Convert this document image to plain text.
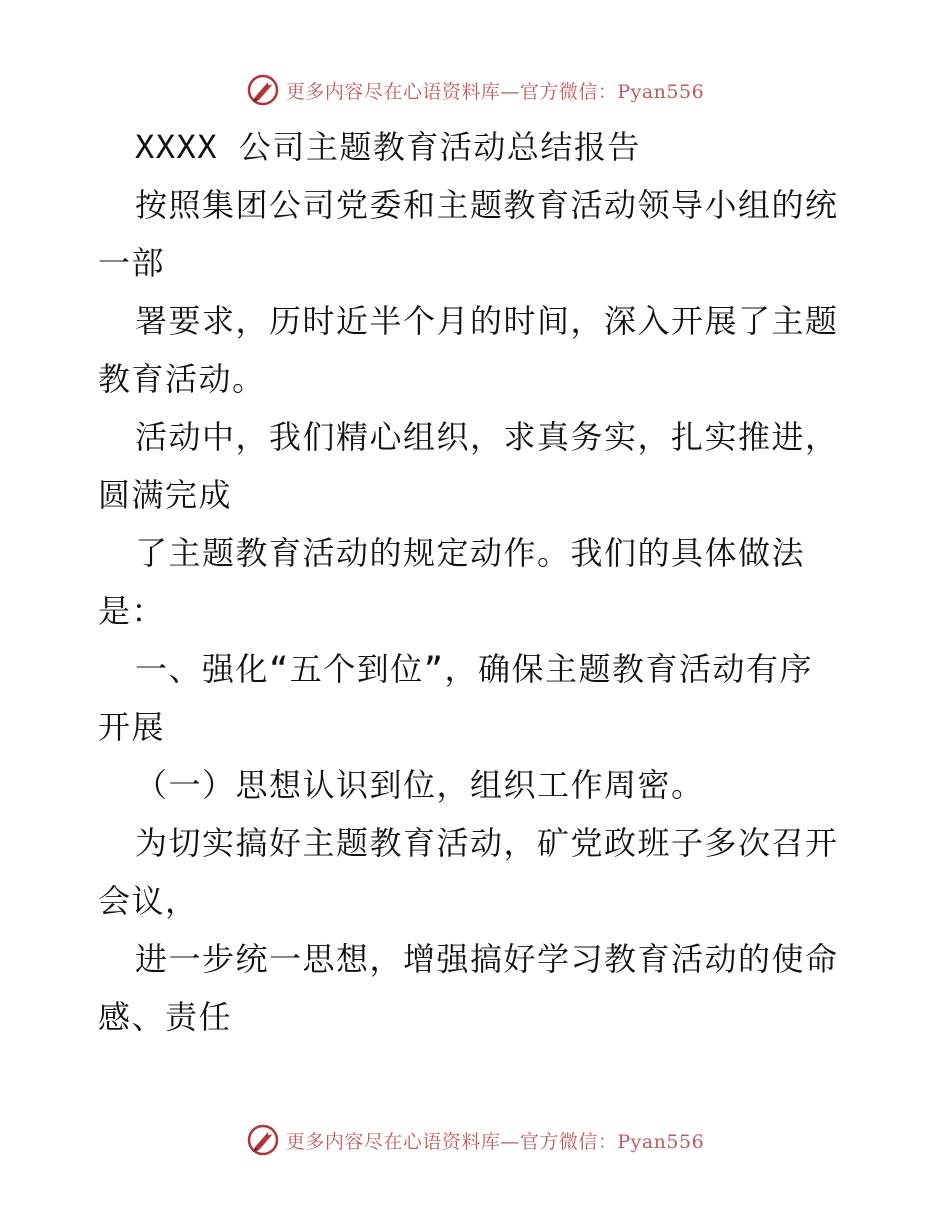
更多内容尽在心语资料库—官方微信：Pyan556
XXXX 公司主题教育活动总结报告
按照集团公司党委和主题教育活动领导小组的统
一部
署要求，历时近半个月的时间，深入开展了主题
教育活动。
活动中，我们精心组织，求真务实，扎实推进，
圆满完成
了主题教育活动的规定动作。我们的具体做法
是：
一、强化“五个到位”，确保主题教育活动有序
开展
（一）思想认识到位，组织工作周密。
为切实搞好主题教育活动，矿党政班子多次召开
会议，
进一步统一思想，增强搞好学习教育活动的使命
感、责任
更多内容尽在心语资料库—官方微信：Pyan556
